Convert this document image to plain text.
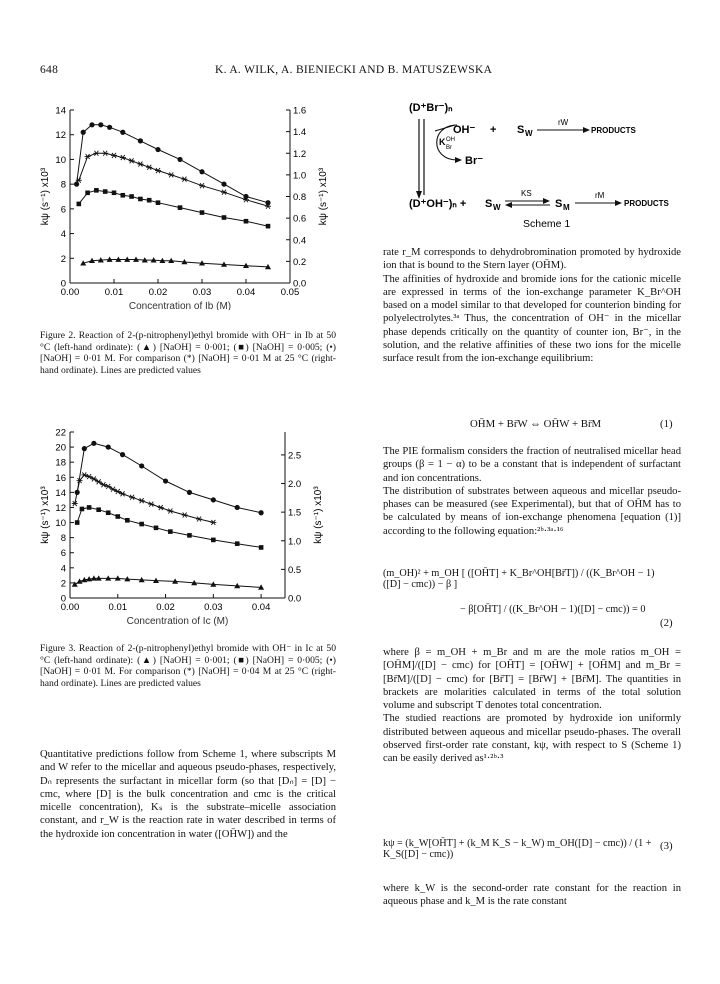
648	K. A. WILK, A. BIENIECKI AND B. MATUSZEWSKA
0.00	0.01	0.02	0.03	0.04	0.05
0
2
4
6
8
10
12
14
0.0
0.2
0.4
0.6
0.8
1.0
1.2
1.4
1.6
Concentration of Ib (M)
kψ (s⁻¹) x10³	kψ (s⁻¹) x10³
Figure 2. Reaction of 2-(p-nitrophenyl)ethyl bromide with OH⁻ in Ib at 50 °C (left-hand ordinate): (▲) [NaOH] = 0·001; (■) [NaOH] = 0·005; (•) [NaOH] = 0·01 M. For comparison (*) [NaOH] = 0·01 M at 25 °C (right-hand ordinate). Lines are predicted values
0.00	0.01	0.02	0.03	0.04
0
2
4
6
8
10
12
14
16
18
20
22
0.0
0.5
1.0
1.5
2.0
2.5
Concentration of Ic (M)
kψ (s⁻¹) x10³	kψ (s⁻¹) x10³
Figure 3. Reaction of 2-(p-nitrophenyl)ethyl bromide with OH⁻ in Ic at 50 °C (left-hand ordinate): (▲) [NaOH] = 0·001; (■) [NaOH] = 0·005; (•) [NaOH] = 0·01 M. For comparison (*) [NaOH] = 0·04 M at 25 °C (right-hand ordinate). Lines are predicted values

Quantitative predictions follow from Scheme 1, where subscripts M and W refer to the micellar and aqueous pseudo-phases, respectively, Dₙ represents the surfactant in micellar form (so that [Dₙ] = [D] − cmc, where [D] is the bulk concentration and cmc is the critical micelle concentration), Kₛ is the substrate–micelle association constant, and r_W is the reaction rate in water described in terms of the hydroxide ion concentration in water ([OH̄W]) and the

(D⁺Br⁻)ₙ
OH⁻ + S W
rW
PRODUCTS
K OH
Br
Br⁻
(D⁺OH⁻)ₙ + S W
KS
S M
rM
PRODUCTS
Scheme 1

rate r_M corresponds to dehydrobromination promoted by hydroxide ion that is bound to the Stern layer (OH̄M).

The affinities of hydroxide and bromide ions for the cationic micelle are expressed in terms of the ion-exchange parameter K_Br^OH based on a model similar to that developed for counterion binding for polyelectrolytes.³ᵃ Thus, the concentration of OH⁻ in the micellar phase depends critically on the quantity of counter ion, Br⁻, in the solution, and the relative affinities of these two ions for the micelle surface result from the ion-exchange equilibrium:

OH̄M + Br̄W ⇔ OH̄W + Br̄M	(1)

The PIE formalism considers the fraction of neutralised micellar head groups (β = 1 − α) to be a constant that is independent of surfactant and ion concentrations.

The distribution of substrates between aqueous and micellar pseudo-phases can be measured (see Experimental), but that of OH̄M has to be calculated by means of ion-exchange phenomena [equation (1)] according to the following equation:²ᵇ·³ᵃ·¹⁶

(m_OH)² + m_OH [ ([OH̄T] + K_Br^OH[Br̄T]) / ((K_Br^OH − 1)([D] − cmc)) − β ]
− β[OH̄T] / ((K_Br^OH − 1)([D] − cmc)) = 0
(2)

where β = m_OH + m_Br and m are the mole ratios m_OH = [OH̄M]/([D] − cmc) for [OH̄T] = [OH̄W] + [OH̄M] and m_Br = [Br̄M]/([D] − cmc) for [Br̄T] = [Br̄W] + [Br̄M]. The quantities in brackets are molarities calculated in terms of the total solution volume and subscript T denotes total concentration.

The studied reactions are promoted by hydroxide ion uniformly distributed between aqueous and micellar pseudo-phases. The overall observed first-order rate constant, kψ, with respect to S (Scheme 1) can be easily derived as¹·²ᵇ·³

kψ = (k_W[OH̄T] + (k_M K_S − k_W) m_OH([D] − cmc)) / (1 + K_S([D] − cmc))
(3)

where k_W is the second-order rate constant for the reaction in aqueous phase and k_M is the rate constant
